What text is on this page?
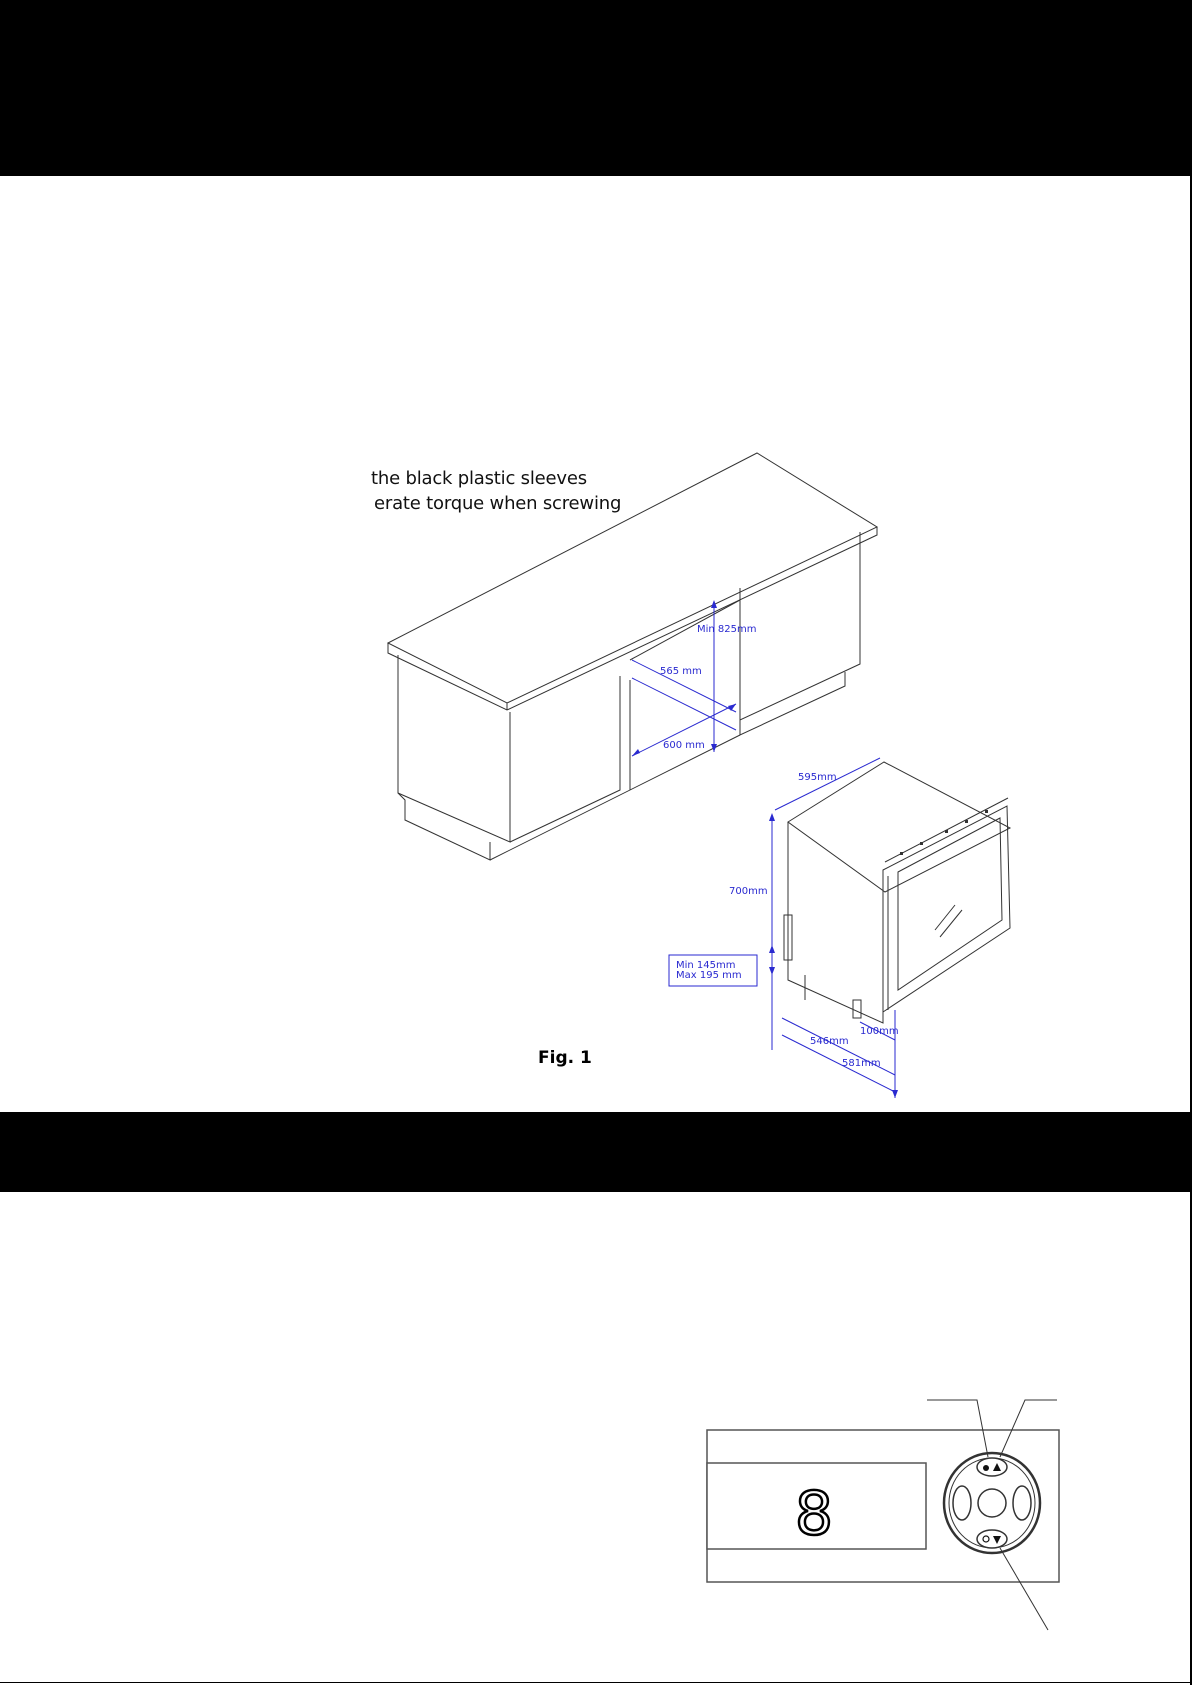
the black plastic sleeves
erate torque when screwing
Min 825mm
565 mm
600 mm
595mm
700mm
Min 145mm
Max 195 mm
546mm
581mm
100mm
8
Fig. 1
